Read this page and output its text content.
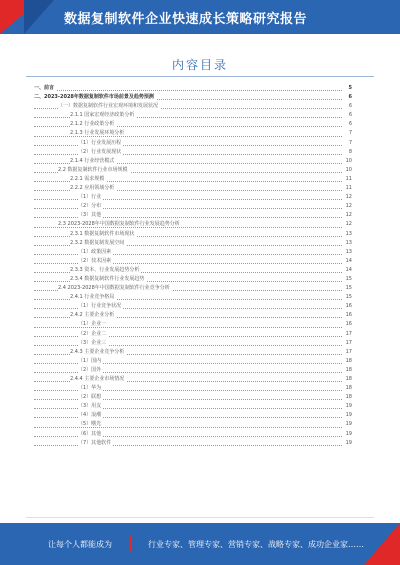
数据复制软件企业快速成长策略研究报告
内容目录
一、前言	5
二、2023-2028年数据复制软件市场前景及趋势预测	6
（一）数据复制软件行业宏观环境和发展状况	6
2.1.1 国家宏观经济政策分析	6
2.1.2 行业政策分析	6
2.1.3 行业发展环境分析	7
（1）行业发展历程	7
（2）行业发展现状	8
2.1.4 行业经营模式	10
2.2 数据复制软件行业市场规模	10
2.2.1 需求规模	11
2.2.2 应用领域分析	11
（1）行业	12
（2）分布	12
（3）其他	12
2.3 2023-2028年中国数据复制软件行业发展趋势分析	12
2.3.1 数据复制软件市场现状	13
2.3.2 数据复制发展空间	13
（1）政策因素	13
（2）技术因素	14
2.3.3 资本、行业发展趋势分析	14
2.3.4 数据复制软件行业发展趋势	15
2.4 2023-2028年中国数据复制软件行业竞争分析	15
2.4.1 行业竞争格局	15
（1）行业竞争状况	16
2.4.2 主要企业分析	16
（1）企业一	16
（2）企业二	17
（3）企业三	17
2.4.3 主要企业竞争分析	17
（1）国内	18
（2）国外	18
2.4.4 主要企业市场情况	18
（1）华为	18
（2）联想	18
（3）用友	19
（4）浪潮	19
（5）曙光	19
（6）其他	19
（7）其他软件	19
让每个人都能成为	行业专家、管理专家、营销专家、战略专家、成功企业家……
